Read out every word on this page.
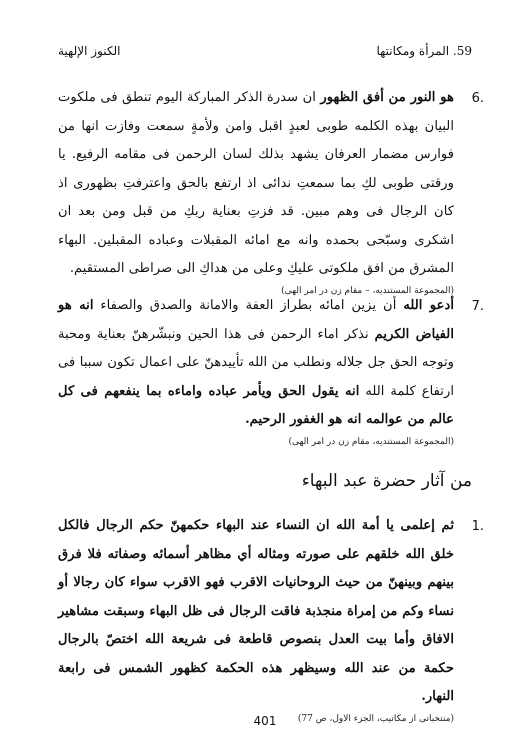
59. المرأة ومكانتها
الكنوز الإلهية
6.
هو النور من أفق الظهور ان سدرة الذكر المباركة اليوم تنطق فی ملكوت البيان بهذه الكلمه طوبى لعبدٍ اقبل وامن ولأمةٍ سمعت وفازت انها من فوارس مضمار العرفان يشهد بذلك لسان الرحمن فی مقامه الرفيع. يا ورقتی طوبى لكِ بما سمعتِ ندائی اذ ارتفع بالحق واعترفتِ بظهوری اذ كان الرجال فی وهم مبين. قد فزتِ بعناية ربكِ من قبل ومن بعد ان اشكری وسبّحی بحمده وانه مع امائه المقبلات وعباده المقبلين. البهاء المشرق من افق ملكوتی عليكِ وعلى من هداكِ الى صراطی المستقيم.
(المجموعة المستنديه، – مقام زن در امر الهی)
7.
أدعو الله أن يزين امائه بطراز العفة والامانة والصدق والصفاء انه هو الفياض الكريم نذكر اماء الرحمن فی هذا الحين ونبشّرهنّ بعناية ومحبة وتوجه الحق جل جلاله ونطلب من الله تأييدهنّ على اعمال تكون سببا فی ارتفاع كلمة الله انه يقول الحق ويأمر عباده واماءه بما ينفعهم فی كل عالم من عوالمه انه هو الغفور الرحيم.
(المجموعة المستنديه، مقام زن در امر الهی)
من آثار حضرة عبد البهاء
1.
ثم إعلمی يا أمة الله ان النساء عند البهاء حكمهنّ حكم الرجال فالكل خلق الله خلقهم على صورته ومثاله أي مظاهر أسمائه وصفاته فلا فرق بينهم وبينهنّ من حيث الروحانيات الاقرب فهو الاقرب سواء كان رجالا أو نساء وكم من إمراة منجذبة فاقت الرجال فی ظل البهاء وسبقت مشاهير الافاق وأما بيت العدل بنصوص قاطعة فی شريعة الله اختصّ بالرجال حكمة من عند الله وسيظهر هذه الحكمة كظهور الشمس فی رابعة النهار.
(منتخباتی از مكاتيب، الجزء الاول، ص 77)
401
